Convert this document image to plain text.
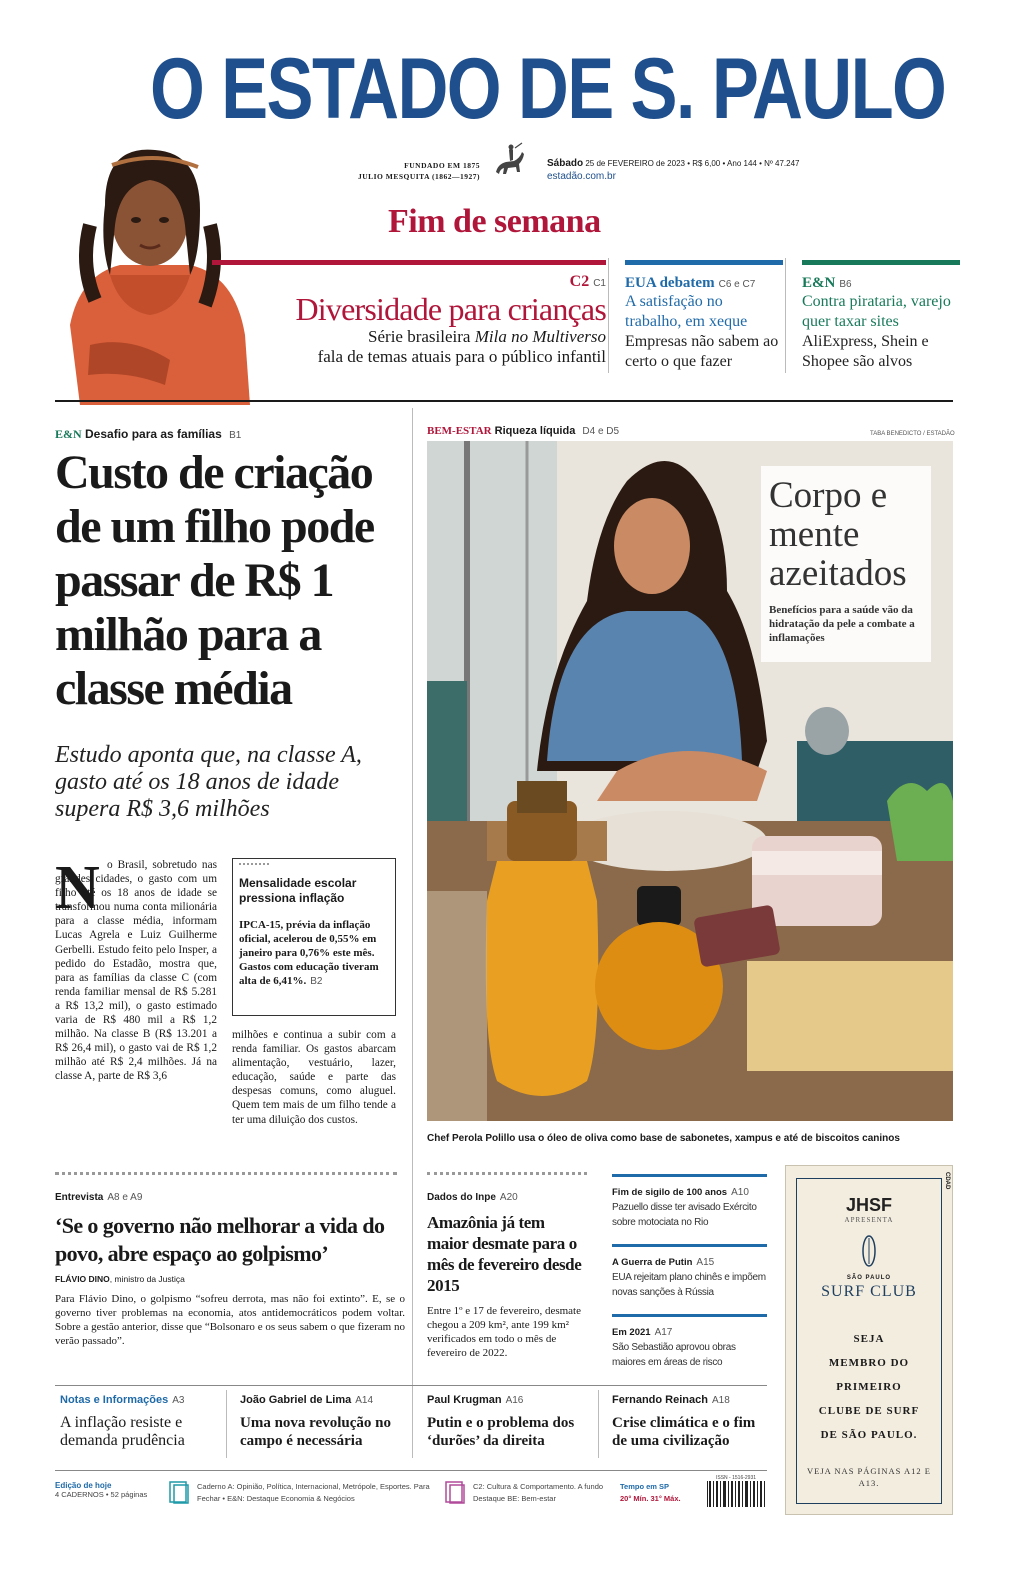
O ESTADO DE S. PAULO
FUNDADO EM 1875
JULIO MESQUITA (1862—1927)
Sábado 25 de FEVEREIRO de 2023 • R$ 6,00 • Ano 144 • Nº 47.247
estadão.com.br
Fim de semana
C2 C1
Diversidade para crianças
Série brasileira Mila no Multiverso
fala de temas atuais para o público infantil
EUA debatem C6 e C7
A satisfação no trabalho, em xeque
Empresas não sabem ao certo o que fazer
E&N B6
Contra pirataria, varejo quer taxar sites
AliExpress, Shein e Shopee são alvos
E&N Desafio para as famílias B1
Custo de criação de um filho pode passar de R$ 1 milhão para a classe média
Estudo aponta que, na classe A, gasto até os 18 anos de idade supera R$ 3,6 milhões
N o Brasil, sobretudo nas grandes cidades, o gasto com um filho até os 18 anos de idade se transformou numa conta milionária para a classe média, informam Lucas Agrela e Luiz Guilherme Gerbelli. Estudo feito pelo Insper, a pedido do Estadão, mostra que, para as famílias da classe C (com renda familiar mensal de R$ 5.281 a R$ 13,2 mil), o gasto estimado varia de R$ 480 mil a R$ 1,2 milhão. Na classe B (R$ 13.201 a R$ 26,4 mil), o gasto vai de R$ 1,2 milhão até R$ 2,4 milhões. Já na classe A, parte de R$ 3,6
Mensalidade escolar pressiona inflação
IPCA-15, prévia da inflação oficial, acelerou de 0,55% em janeiro para 0,76% este mês. Gastos com educação tiveram alta de 6,41%. B2
milhões e continua a subir com a renda familiar. Os gastos abarcam alimentação, vestuário, lazer, educação, saúde e parte das despesas comuns, como aluguel. Quem tem mais de um filho tende a ter uma diluição dos custos.
BEM-ESTAR Riqueza líquida D4 e D5	TABA BENEDICTO / ESTADÃO
Corpo e mente azeitados
Benefícios para a saúde vão da hidratação da pele a combate a inflamações
Chef Perola Polillo usa o óleo de oliva como base de sabonetes, xampus e até de biscoitos caninos
Entrevista A8 e A9
‘Se o governo não melhorar a vida do povo, abre espaço ao golpismo’
FLÁVIO DINO, ministro da Justiça
Para Flávio Dino, o golpismo “sofreu derrota, mas não foi extinto”. E, se o governo tiver problemas na economia, atos antidemocráticos podem voltar. Sobre a gestão anterior, disse que “Bolsonaro e os seus sabem o que fizeram no verão passado”.
Dados do Inpe A20
Amazônia já tem maior desmate para o mês de fevereiro desde 2015
Entre 1º e 17 de fevereiro, desmate chegou a 209 km², ante 199 km² verificados em todo o mês de fevereiro de 2022.
Fim de sigilo de 100 anos A10
Pazuello disse ter avisado Exército sobre motociata no Rio
A Guerra de Putin A15
EUA rejeitam plano chinês e impõem novas sanções à Rússia
Em 2021 A17
São Sebastião aprovou obras maiores em áreas de risco
CDAD
JHSF
APRESENTA
SÃO PAULO
SURF CLUB
SEJA
MEMBRO DO
PRIMEIRO
CLUBE DE SURF
DE SÃO PAULO.
VEJA NAS PÁGINAS A12 E A13.
Notas e Informações A3
A inflação resiste e demanda prudência
João Gabriel de Lima A14
Uma nova revolução no campo é necessária
Paul Krugman A16
Putin e o problema dos ‘durões’ da direita
Fernando Reinach A18
Crise climática e o fim de uma civilização
Edição de hoje
4 CADERNOS • 52 páginas
Caderno A: Opinião, Política, Internacional, Metrópole, Esportes. Para Fechar • E&N: Destaque Economia & Negócios
C2: Cultura & Comportamento. A fundo Destaque BE: Bem-estar
Tempo em SP
20° Mín. 31° Máx.
ISSN - 1516-2931
